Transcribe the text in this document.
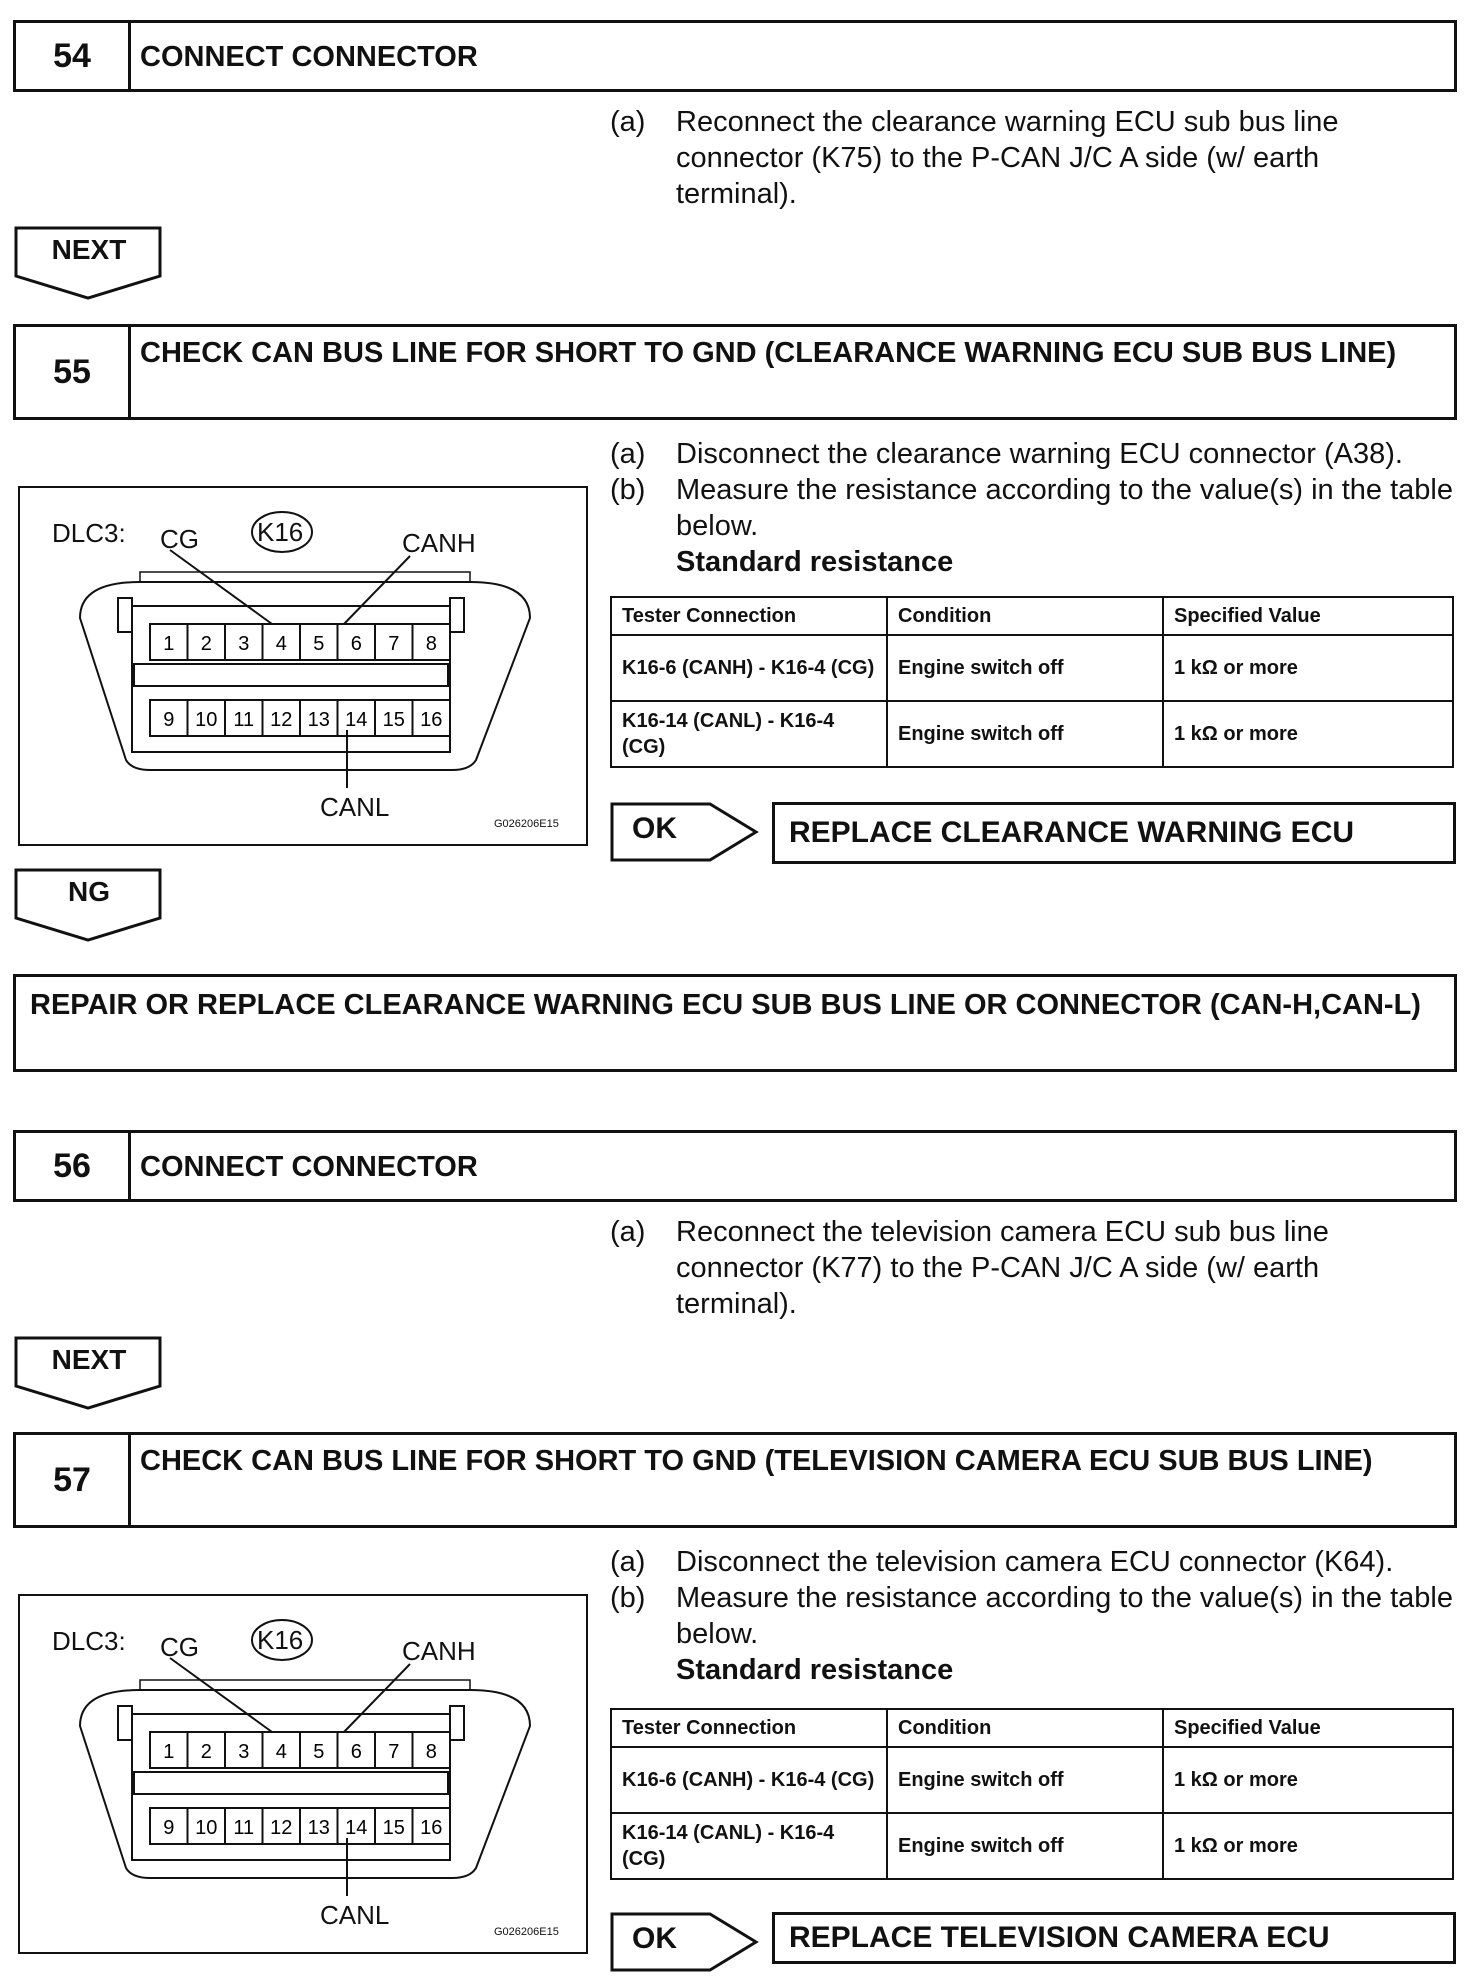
54	CONNECT CONNECTOR
(a)	Reconnect the clearance warning ECU sub bus line connector (K75) to the P-CAN J/C A side (w/ earth terminal).
NEXT
55	CHECK CAN BUS LINE FOR SHORT TO GND (CLEARANCE WARNING ECU SUB BUS LINE)
(a)	Disconnect the clearance warning ECU connector (A38).
(b)	Measure the resistance according to the value(s) in the table below.
Standard resistance
1 2 3 4 5 6 7 8
9 10 11 12 13 14 15 16
DLC3: CG K16	CANH
CANL
G026206E15
Tester Connection	Condition	Specified Value
K16-6 (CANH) - K16-4 (CG)	Engine switch off	1 kΩ or more
K16-14 (CANL) - K16-4 (CG)	Engine switch off	1 kΩ or more
OK	REPLACE CLEARANCE WARNING ECU
NG
REPAIR OR REPLACE CLEARANCE WARNING ECU SUB BUS LINE OR CONNECTOR (CAN-H,CAN-L)
56	CONNECT CONNECTOR
(a)	Reconnect the television camera ECU sub bus line connector (K77) to the P-CAN J/C A side (w/ earth terminal).
NEXT
57	CHECK CAN BUS LINE FOR SHORT TO GND (TELEVISION CAMERA ECU SUB BUS LINE)
(a)	Disconnect the television camera ECU connector (K64).
(b)	Measure the resistance according to the value(s) in the table below.
Standard resistance
1 2 3 4 5 6 7 8
9 10 11 12 13 14 15 16
DLC3: CG K16	CANH
CANL
G026206E15
Tester Connection	Condition	Specified Value
K16-6 (CANH) - K16-4 (CG)	Engine switch off	1 kΩ or more
K16-14 (CANL) - K16-4 (CG)	Engine switch off	1 kΩ or more
OK	REPLACE TELEVISION CAMERA ECU
